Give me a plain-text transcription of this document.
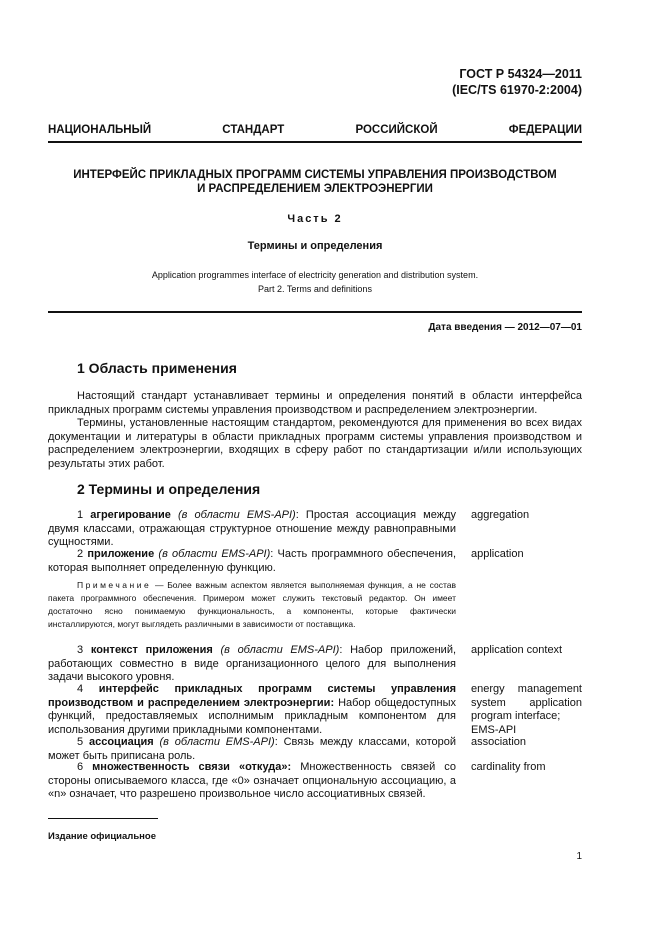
ГОСТ Р 54324—2011
(IEC/TS 61970-2:2004)
НАЦИОНАЛЬНЫЙ СТАНДАРТ РОССИЙСКОЙ ФЕДЕРАЦИИ
ИНТЕРФЕЙС ПРИКЛАДНЫХ ПРОГРАММ СИСТЕМЫ УПРАВЛЕНИЯ ПРОИЗВОДСТВОМ
И РАСПРЕДЕЛЕНИЕМ ЭЛЕКТРОЭНЕРГИИ
Часть 2
Термины и определения
Application programmes interface of electricity generation and distribution system.
Part 2. Terms and definitions
Дата введения — 2012—07—01
1 Область применения

Настоящий стандарт устанавливает термины и определения понятий в области интерфейса прикладных программ системы управления производством и распределением электроэнергии.

Термины, установленные настоящим стандартом, рекомендуются для применения во всех видах документации и литературы в области прикладных программ системы управления производством и распределением электроэнергии, входящих в сферу работ по стандартизации и/или использующих результаты этих работ.

2 Термины и определения
1 агрегирование (в области EMS-API): Простая ассоциация между двумя классами, отражающая структурное отношение между равноправными сущностями.
aggregation
2 приложение (в области EMS-API): Часть программного обеспечения, которая выполняет определенную функцию.
application
Примечание — Более важным аспектом является выполняемая функция, а не состав пакета программного обеспечения. Примером может служить текстовый редактор. Он имеет достаточно ясно понимаемую функциональность, а компоненты, которые фактически инсталлируются, могут выглядеть различными в зависимости от поставщика.
3 контекст приложения (в области EMS-API): Набор приложений, работающих совместно в виде организационного целого для выполнения задачи высокого уровня.
application context
4 интерфейс прикладных программ системы управления производством и распределением электроэнергии: Набор общедоступных функций, предоставляемых исполнимым прикладным компонентом для использования другими прикладными компонентами.
energy management system application program interface;
EMS-API
5 ассоциация (в области EMS-API): Связь между классами, которой может быть приписана роль.
association
6 множественность связи «откуда»: Множественность связей со стороны описываемого класса, где «0» означает опциональную ассоциацию, а «n» означает, что разрешено произвольное число ассоциативных связей.
cardinality from
Издание официальное
1
